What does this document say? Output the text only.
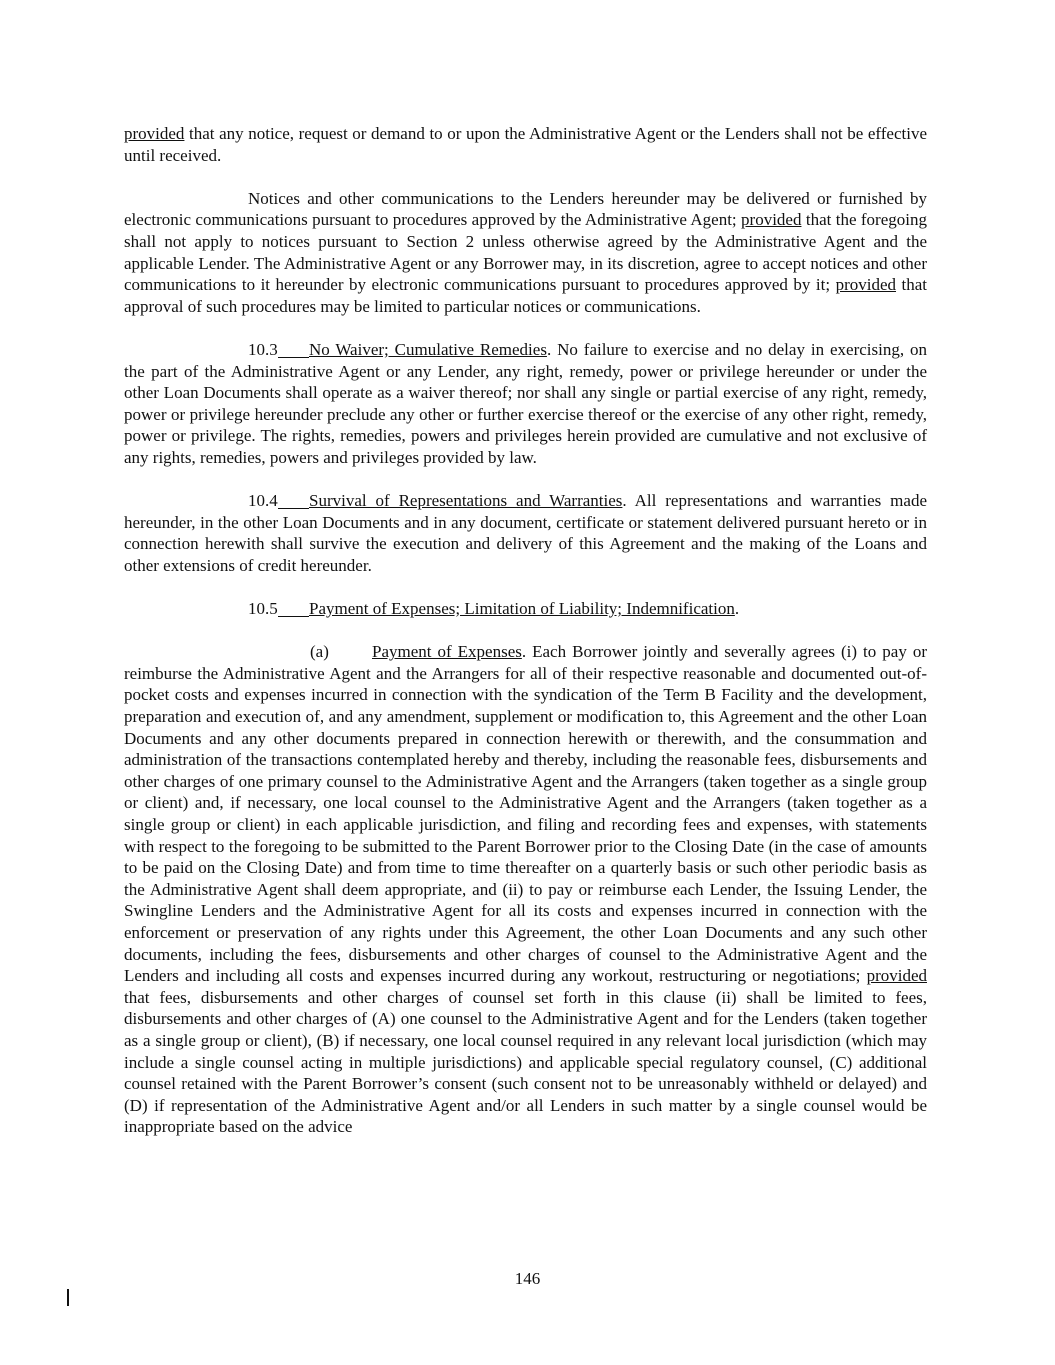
provided that any notice, request or demand to or upon the Administrative Agent or the Lenders shall not be effective until received.

Notices and other communications to the Lenders hereunder may be delivered or furnished by electronic communications pursuant to procedures approved by the Administrative Agent; provided that the foregoing shall not apply to notices pursuant to Section 2 unless otherwise agreed by the Administrative Agent and the applicable Lender. The Administrative Agent or any Borrower may, in its discretion, agree to accept notices and other communications to it hereunder by electronic communications pursuant to procedures approved by it; provided that approval of such procedures may be limited to particular notices or communications.

10.3 No Waiver; Cumulative Remedies. No failure to exercise and no delay in exercising, on the part of the Administrative Agent or any Lender, any right, remedy, power or privilege hereunder or under the other Loan Documents shall operate as a waiver thereof; nor shall any single or partial exercise of any right, remedy, power or privilege hereunder preclude any other or further exercise thereof or the exercise of any other right, remedy, power or privilege. The rights, remedies, powers and privileges herein provided are cumulative and not exclusive of any rights, remedies, powers and privileges provided by law.

10.4 Survival of Representations and Warranties. All representations and warranties made hereunder, in the other Loan Documents and in any document, certificate or statement delivered pursuant hereto or in connection herewith shall survive the execution and delivery of this Agreement and the making of the Loans and other extensions of credit hereunder.

10.5 Payment of Expenses; Limitation of Liability; Indemnification.

(a)	Payment of Expenses. Each Borrower jointly and severally agrees (i) to pay or reimburse the Administrative Agent and the Arrangers for all of their respective reasonable and documented out-of-pocket costs and expenses incurred in connection with the syndication of the Term B Facility and the development, preparation and execution of, and any amendment, supplement or modification to, this Agreement and the other Loan Documents and any other documents prepared in connection herewith or therewith, and the consummation and administration of the transactions contemplated hereby and thereby, including the reasonable fees, disbursements and other charges of one primary counsel to the Administrative Agent and the Arrangers (taken together as a single group or client) and, if necessary, one local counsel to the Administrative Agent and the Arrangers (taken together as a single group or client) in each applicable jurisdiction, and filing and recording fees and expenses, with statements with respect to the foregoing to be submitted to the Parent Borrower prior to the Closing Date (in the case of amounts to be paid on the Closing Date) and from time to time thereafter on a quarterly basis or such other periodic basis as the Administrative Agent shall deem appropriate, and (ii) to pay or reimburse each Lender, the Issuing Lender, the Swingline Lenders and the Administrative Agent for all its costs and expenses incurred in connection with the enforcement or preservation of any rights under this Agreement, the other Loan Documents and any such other documents, including the fees, disbursements and other charges of counsel to the Administrative Agent and the Lenders and including all costs and expenses incurred during any workout, restructuring or negotiations; provided that fees, disbursements and other charges of counsel set forth in this clause (ii) shall be limited to fees, disbursements and other charges of (A) one counsel to the Administrative Agent and for the Lenders (taken together as a single group or client), (B) if necessary, one local counsel required in any relevant local jurisdiction (which may include a single counsel acting in multiple jurisdictions) and applicable special regulatory counsel, (C) additional counsel retained with the Parent Borrower’s consent (such consent not to be unreasonably withheld or delayed) and (D) if representation of the Administrative Agent and/or all Lenders in such matter by a single counsel would be inappropriate based on the advice

146
